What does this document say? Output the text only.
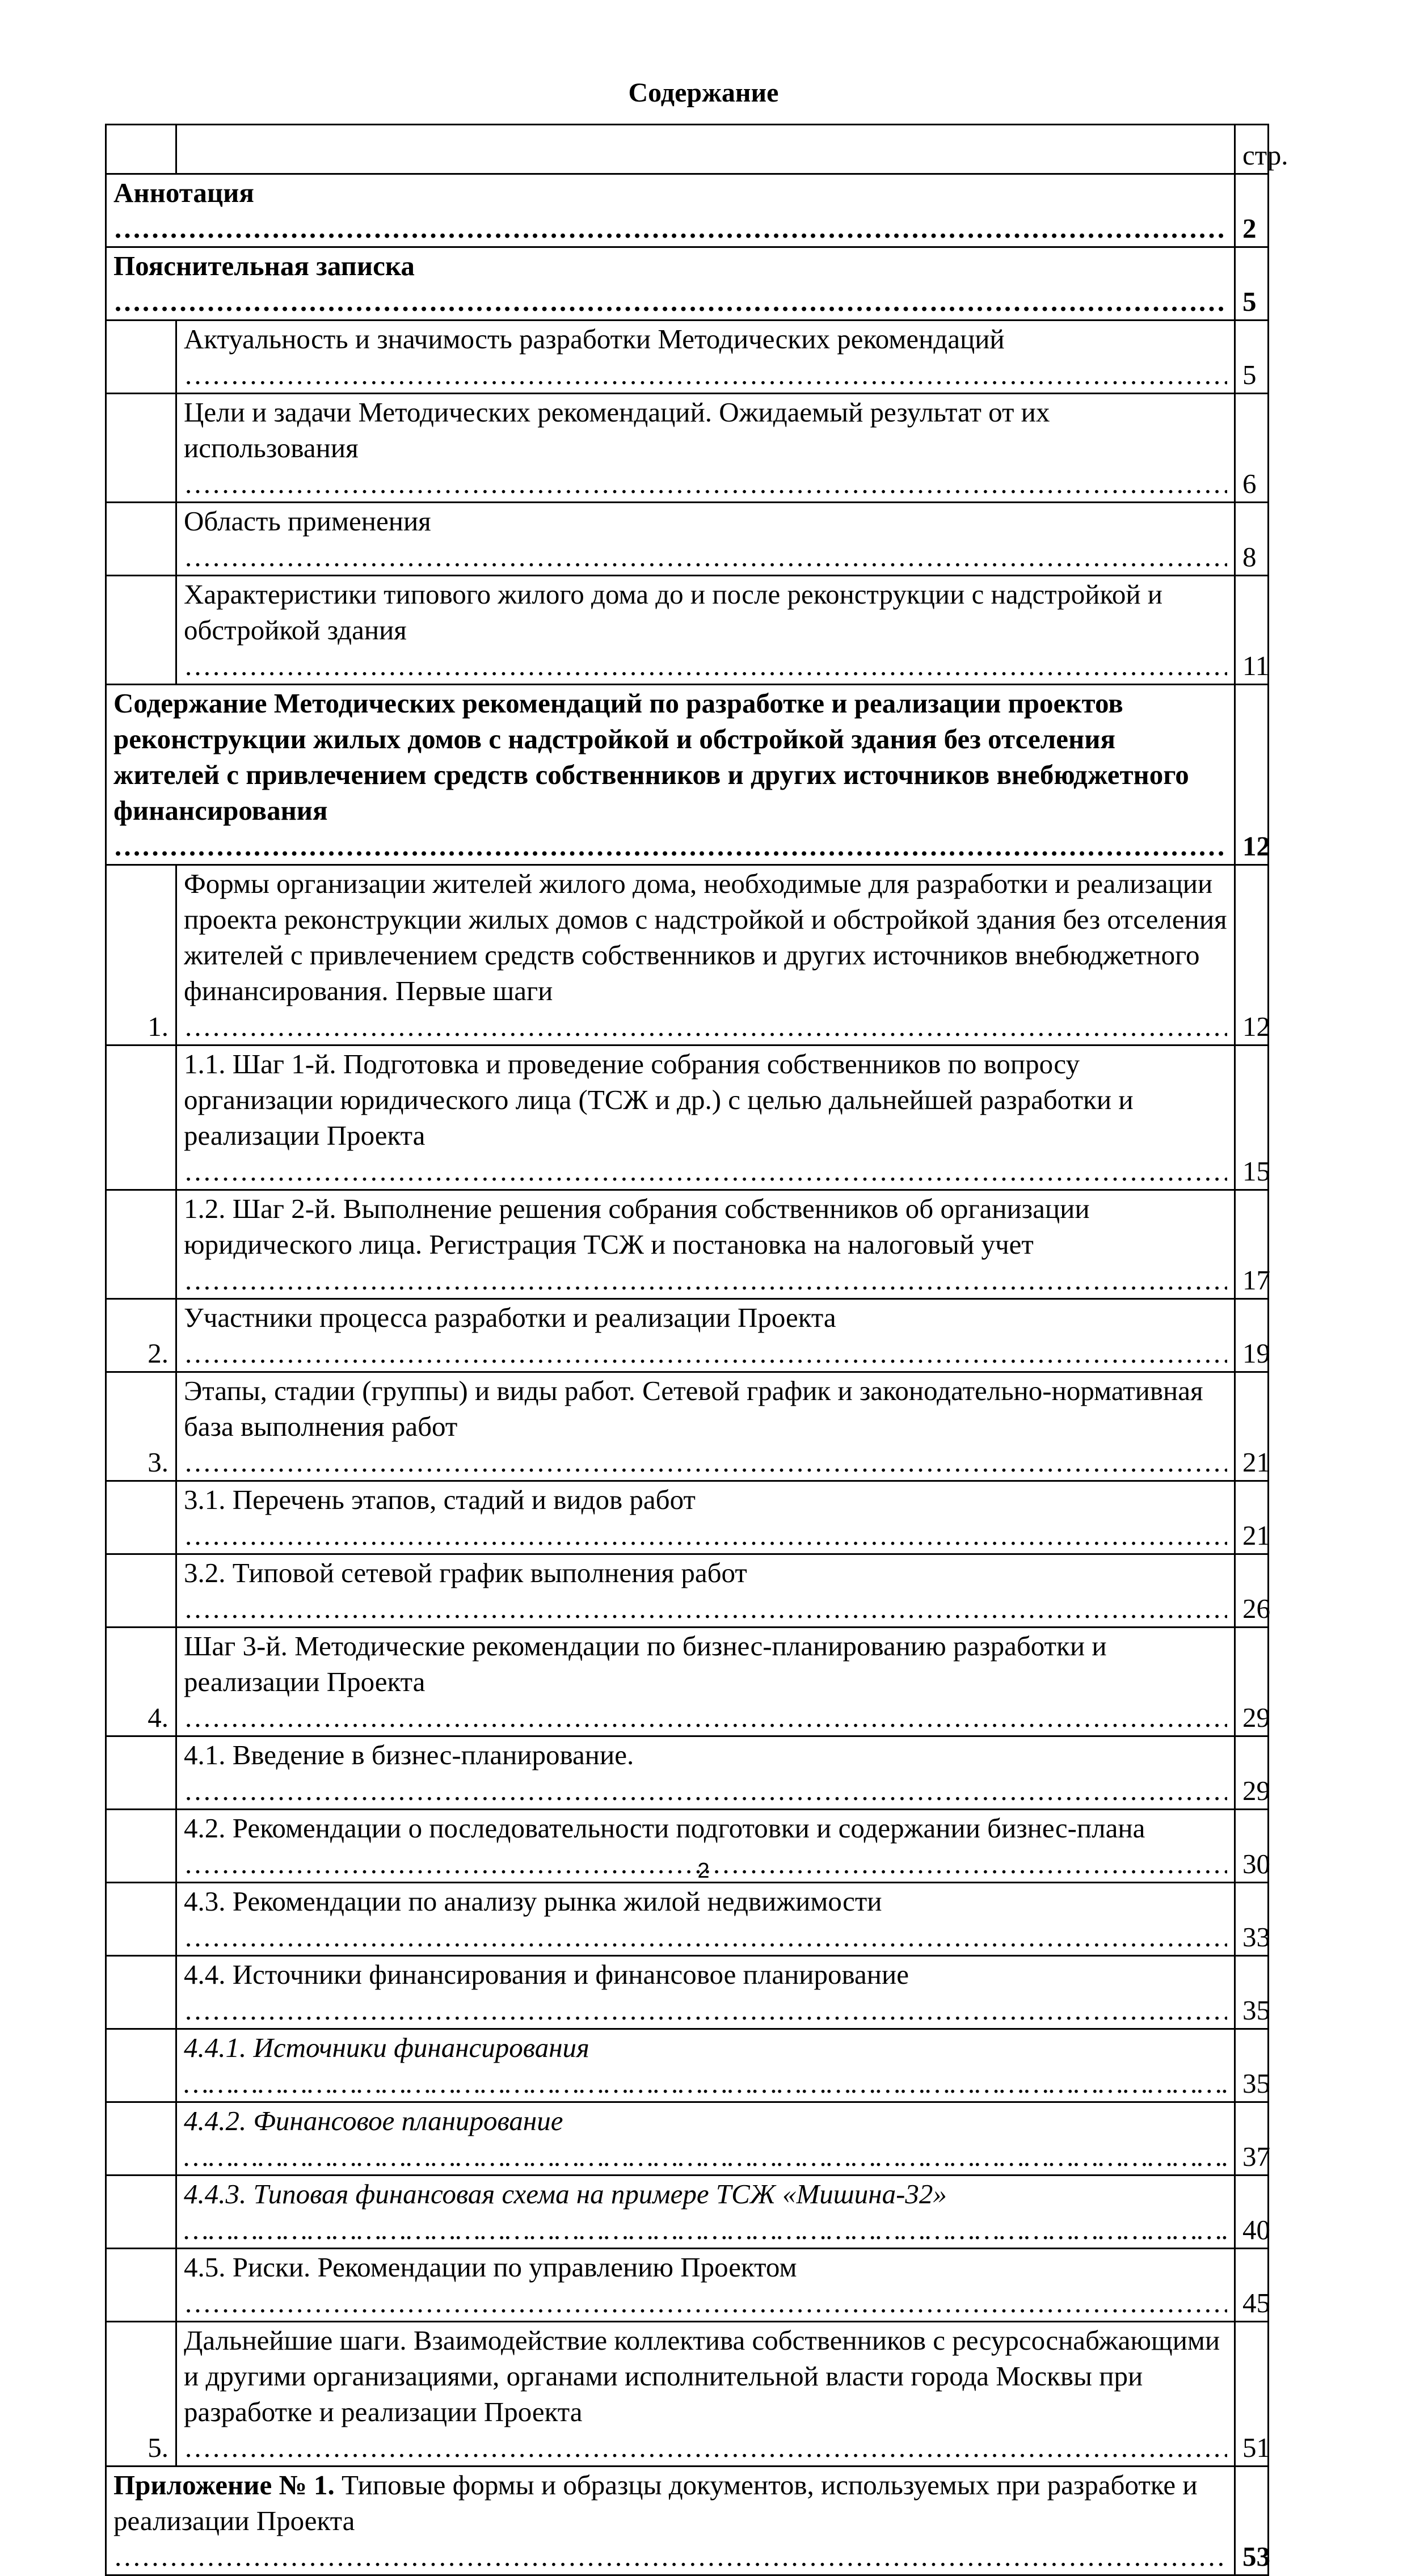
Содержание
		стр.

Аннотация …………………………………………………………………………………………………………………………………………………………………………………………………………		2

Пояснительная записка …………………………………………………………………………………………………………………………………………………………………………………………………………		5

	Актуальность и значимость разработки Методических рекомендаций …………………………………………………………………………………………………………………………………………………………………………………………………………	5

	Цели и задачи Методических рекомендаций. Ожидаемый результат от их использования …………………………………………………………………………………………………………………………………………………………………………………………………………	6

	Область применения …………………………………………………………………………………………………………………………………………………………………………………………………………	8

	Характеристики типового жилого дома до и после реконструкции с надстройкой и обстройкой здания …………………………………………………………………………………………………………………………………………………………………………………………………………	11

Содержание Методических рекомендаций по разработке и реализации проектов реконструкции жилых домов с надстройкой и обстройкой здания без отселения жителей с привлечением средств собственников и других источников внебюджетного финансирования …………………………………………………………………………………………………………………………………………………………………………………………………………		12
1.	Формы организации жителей жилого дома, необходимые для разработки и реализации проекта реконструкции жилых домов с надстройкой и обстройкой здания без отселения жителей с привлечением средств собственников и других источников внебюджетного финансирования. Первые шаги …………………………………………………………………………………………………………………………………………………………………………………………………………	12

	1.1. Шаг 1-й. Подготовка и проведение собрания собственников по вопросу организации юридического лица (ТСЖ и др.) с целью дальнейшей разработки и реализации Проекта …………………………………………………………………………………………………………………………………………………………………………………………………………	15

	1.2. Шаг 2-й. Выполнение решения собрания собственников об организации юридического лица. Регистрация ТСЖ и постановка на налоговый учет …………………………………………………………………………………………………………………………………………………………………………………………………………	17
2.	Участники процесса разработки и реализации Проекта …………………………………………………………………………………………………………………………………………………………………………………………………………	19
3.	Этапы, стадии (группы) и виды работ. Сетевой график и законодательно-нормативная база выполнения работ …………………………………………………………………………………………………………………………………………………………………………………………………………	21

	3.1. Перечень этапов, стадий и видов работ …………………………………………………………………………………………………………………………………………………………………………………………………………	21

	3.2. Типовой сетевой график выполнения работ …………………………………………………………………………………………………………………………………………………………………………………………………………	26
4.	Шаг 3-й. Методические рекомендации по бизнес-планированию разработки и реализации Проекта …………………………………………………………………………………………………………………………………………………………………………………………………………	29

	4.1. Введение в бизнес-планирование. …………………………………………………………………………………………………………………………………………………………………………………………………………	29

	4.2. Рекомендации о последовательности подготовки и содержании бизнес-плана …………………………………………………………………………………………………………………………………………………………………………………………………………	30

	4.3. Рекомендации по анализу рынка жилой недвижимости …………………………………………………………………………………………………………………………………………………………………………………………………………	33

	4.4. Источники финансирования и финансовое планирование …………………………………………………………………………………………………………………………………………………………………………………………………………	35

	4.4.1. Источники финансирования …………………………………………………………………………………………………………………………………………………………………………………………………………	35

	4.4.2. Финансовое планирование …………………………………………………………………………………………………………………………………………………………………………………………………………	37

	4.4.3. Типовая финансовая схема на примере ТСЖ «Мишина-32» …………………………………………………………………………………………………………………………………………………………………………………………………………	40

	4.5. Риски. Рекомендации по управлению Проектом …………………………………………………………………………………………………………………………………………………………………………………………………………	45
5.	Дальнейшие шаги. Взаимодействие коллектива собственников с ресурсоснабжающими и другими организациями, органами исполнительной власти города Москвы при разработке и реализации Проекта …………………………………………………………………………………………………………………………………………………………………………………………………………	51
Приложение № 1. Типовые формы и образцы документов, используемых при разработке и реализации Проекта
…………………………………………………………………………………………………………………………………………………………………………………………………………		53
2
